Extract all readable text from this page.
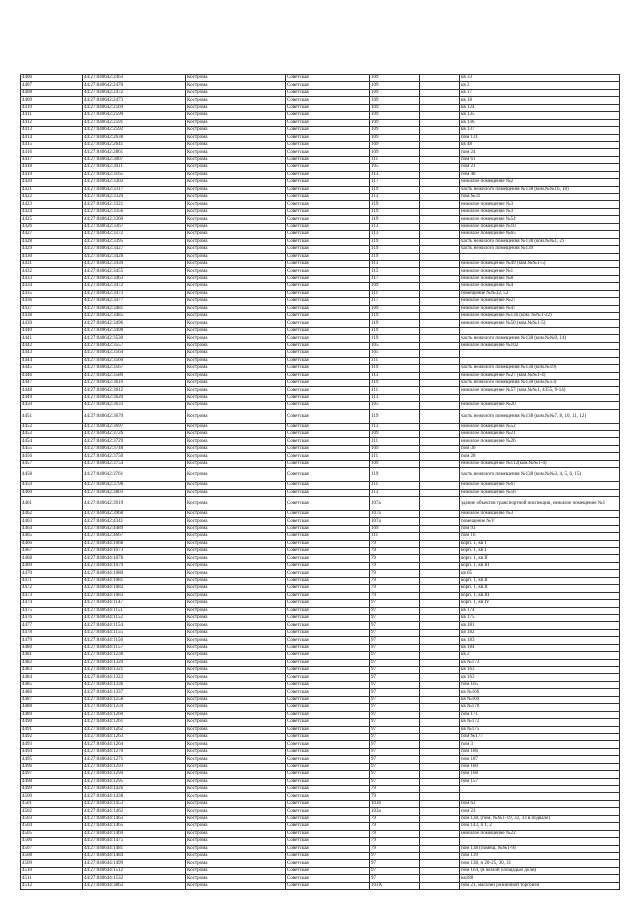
4406	44:27:040642:2463	Кострома	Советская	109		кв 33
4407	44:27:040642:2470	Кострома	Советская	109		кв 2
4408	44:27:040642:2472	Кострома	Советская	109		кв 17
4409	44:27:040642:2473	Кострома	Советская	109		кв 18
4410	44:27:040642:2569	Кострома	Советская	109		кв 124
4411	44:27:040642:2590	Кострома	Советская	109		кв 135
4412	44:27:040642:2591	Кострома	Советская	109		кв 136
4413	44:27:040642:2592	Кострома	Советская	109		кв 137
4414	44:27:040642:2638	Кострома	Советская	109		пом 131
4415	44:27:040642:2641	Кострома	Советская	109		кв 48
4416	44:27:040642:2861	Кострома	Советская	109		пом 24
4417	44:27:040642:3007	Кострома	Советская	111		пом 61
4418	44:27:040642:3011	Кострома	Советская	105		пом 21
4419	44:27:040642:3165	Кострома	Советская	113		пом 48
4420	44:27:040642:3302	Кострома	Советская	117		нежилое помещение №2
4421	44:27:040642:3317	Кострома	Советская	119		часть нежилого помещения №138 (ком.№№16, 18)
4422	44:27:040642:3320	Кострома	Советская	113		пом.№31
4423	44:27:040642:3321	Кострома	Советская	119		нежилое помещение №3
4424	44:27:040642:3356	Кострома	Советская	119		нежилое помещение №3
4425	44:27:040642:3360	Кострома	Советская	119		нежилое помещение №54
4426	44:27:040642:3367	Кострома	Советская	113		нежилое помещение №10
4427	44:27:040642:3372	Кострома	Советская	113		нежилое помещение №65
4428	44:27:040642:3395	Кострома	Советская	119		часть нежилого помещения №138 (ком.№№1, 2)
4429	44:27:040642:3427	Кострома	Советская	119		часть нежилого помещения №139
4430	44:27:040642:3428	Кострома	Советская	119		
4431	44:27:040642:3439	Кострома	Советская	113		нежилое помещение №49 (ком.№№1-5)
4432	44:27:040642:3455	Кострома	Советская	115		нежилое помещение №1
4433	44:27:040642:3463	Кострома	Советская	117		нежилое помещение №8
4434	44:27:040642:3472	Кострома	Советская	109		нежилое помещение №4
4435	44:27:040642:3473	Кострома	Советская	111		помещение №№32, 52
4436	44:27:040642:3477	Кострома	Советская	117		нежилое помещение №27
4437	44:27:040642:3481	Кострома	Советская	109		нежилое помещение №47
4438	44:27:040642:3485	Кострома	Советская	119		нежилое помещение №136 (ком. №№1-22)
4439	44:27:040642:3496	Кострома	Советская	119		нежилое помещение №50 (ком.№№1-5)
4440	44:27:040642:3498	Кострома	Советская	119		
4441	44:27:040642:3530	Кострома	Советская	119		часть нежилого помещения №138 (ком.№№9, 14)
4442	44:27:040642:3557	Кострома	Советская	105		нежилое помещение №102
4443	44:27:040642:3564	Кострома	Советская	105		
4444	44:27:040642:3566	Кострома	Советская	111		
4445	44:27:040642:3567	Кострома	Советская	119		часть нежилого помещения №138 (ком.№19)
4446	44:27:040642:3580	Кострома	Советская	113		нежилое помещение №27 (ком.№№1-4)
4447	44:27:040642:3610	Кострома	Советская	119		часть нежилого помещения №138 (ком.№13)
4448	44:27:040642:3612	Кострома	Советская	111		нежилое помещение №57 (ком.№№1, 4355, 9-14)
4449	44:27:040642:3620	Кострома	Советская	113		
4450	44:27:040642:3633	Кострома	Советская	105		нежилое помещение №20
4451	44:27:040642:3670	Кострома	Советская	119		часть нежилого помещения №138 (ком.№№7, 8, 10, 11, 12)
4452	44:27:040642:3697	Кострома	Советская	113		нежилое помещение №52
4453	44:27:040642:3726	Кострома	Советская	109		нежилое помещение №21
4454	44:27:040642:3729	Кострома	Советская	111		нежилое помещение №26
4455	44:27:040642:3748	Кострома	Советская	109		пом 30
4456	44:27:040642:3750	Кострома	Советская	111		пом 28
4457	44:27:040642:3754	Кострома	Советская	109		нежилое помещение №112(ком.№№1-4)
4458	44:27:040642:3761	Кострома	Советская	119		часть нежилого помещения №138 (ком.№№3, 4, 5, 6, 15)
4459	44:27:040642:3798	Кострома	Советская	111		нежилое помещение №67
4460	44:27:040642:3803	Кострома	Советская	113		нежилое помещение №56
4461	44:27:040642:3919	Кострома	Советская	107а		здание объектов транспортной инспекции, нежилое помещение №1
4462	44:27:040642:3968	Кострома	Советская	107а		нежилое помещение №3
4463	44:27:040642:4341	Кострома	Советская	107а		помещение №V
4464	44:27:040642:4489	Кострома	Советская	109		пом 93
4465	44:27:040642:4667	Кострома	Советская	111		пом 16
4466	44:27:040644:1068	Кострома	Советская	79		корп. 1, кв 1
4467	44:27:040644:1073	Кострома	Советская	79		корп. 1, кв 1
4468	44:27:040644:1078	Кострома	Советская	79		корп. 1, кв II
4469	44:27:040644:1079	Кострома	Советская	79		корп. 1, кв III
4470	44:27:040644:1080	Кострома	Советская	79		кв 65
4471	44:27:040644:1081	Кострома	Советская	79		корп. 1, кв II
4472	44:27:040644:1082	Кострома	Советская	79		корп. 1, кв II
4473	44:27:040644:1083	Кострома	Советская	79		корп. 1, кв III
4474	44:27:040644:1147	Кострома	Советская	97		корп. 1, кв IV
4475	44:27:040644:1151	Кострома	Советская	97		кв 174
4476	44:27:040644:1152	Кострома	Советская	97		кв 175
4477	44:27:040644:1154	Кострома	Советская	97		кв 181
4478	44:27:040644:1155	Кострома	Советская	97		кв 182
4479	44:27:040644:1156	Кострома	Советская	97		кв 183
4480	44:27:040644:1157	Кострома	Советская	97		кв 184
4481	44:27:040644:1238	Кострома	Советская	97		кв 2
4482	44:27:040644:1320	Кострома	Советская	97		кв №173
4483	44:27:040644:1321	Кострома	Советская	97		кв 163
4484	44:27:040644:1322	Кострома	Советская	97		кв 163
4485	44:27:040644:1336	Кострома	Советская	97		пом 165
4486	44:27:040644:1337	Кострома	Советская	97		кв №166
4487	44:27:040644:1258	Кострома	Советская	97		кв №169
4488	44:27:040644:1259	Кострома	Советская	97		кв №170
4489	44:27:040644:1260	Кострома	Советская	97		пом 171
4490	44:27:040644:1261	Кострома	Советская	97		кв №172
4491	44:27:040644:1262	Кострома	Советская	97		кв №175
4492	44:27:040644:1263	Кострома	Советская	97		пом №177
4493	44:27:040644:1264	Кострома	Советская	97		пом 3
4494	44:27:040644:1270	Кострома	Советская	97		пом 186
4495	44:27:040644:1271	Кострома	Советская	97		пом 187
4496	44:27:040644:1293	Кострома	Советская	97		пом 180
4497	44:27:040644:1294	Кострома	Советская	97		пом 108
4498	44:27:040644:1295	Кострома	Советская	97		пом 157
4499	44:27:040644:1426	Кострома	Советская	79		
4500	44:27:040644:1438	Кострома	Советская	79		
4501	44:27:040644:1453	Кострома	Советская	103б		пом 62
4502	44:27:040644:1462	Кострома	Советская	103а		пом 23
4503	44:27:040644:1463	Кострома	Советская	79		пом 138, (пом. №№1-19, 32, 33 в подвале)
4504	44:27:040644:1465	Кострома	Советская	79		пом 143, п 1, 2
4505	44:27:040644:1469	Кострома	Советская	79		нежилое помещение №22
4506	44:27:040644:1475	Кострома	Советская	79		
4507	44:27:040644:1481	Кострома	Советская	79		пом 138 (помещ. №№1-9)
4508	44:27:040644:1484	Кострома	Советская	97		пом 139
4509	44:27:040644:1499	Кострома	Советская	97		пом 138, п 20-25, 30, 31
4510	44:27:040644:1512	Кострома	Советская	97		пом 164, (в жилой площадью доли)
4511	44:27:040644:1532	Кострома	Советская	97		кв180
4512	44:27:040644:3862	Кострома	Советская	103А		пом 21, магазин розничной торговли
